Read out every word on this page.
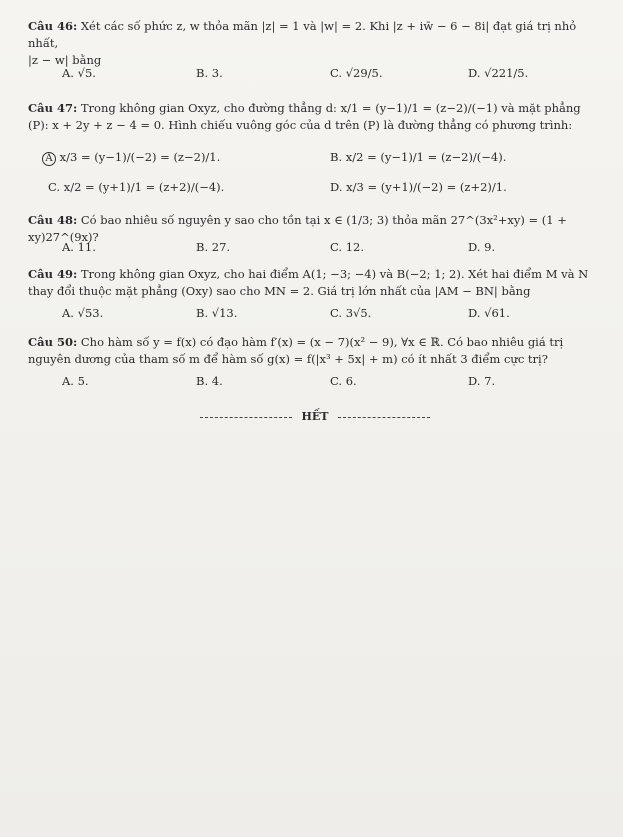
Câu 46: Xét các số phức z, w thỏa mãn |z| = 1 và |w| = 2. Khi |z + iw̄ − 6 − 8i| đạt giá trị nhỏ nhất,
|z − w| bằng
A. √5.	B. 3.	C. √29/5.	D. √221/5.
Câu 47: Trong không gian Oxyz, cho đường thẳng d: x/1 = (y−1)/1 = (z−2)/(−1) và mặt phẳng
(P): x + 2y + z − 4 = 0. Hình chiếu vuông góc của d trên (P) là đường thẳng có phương trình:
A x/3 = (y−1)/(−2) = (z−2)/1.	B. x/2 = (y−1)/1 = (z−2)/(−4).
C. x/2 = (y+1)/1 = (z+2)/(−4).	D. x/3 = (y+1)/(−2) = (z+2)/1.
Câu 48: Có bao nhiêu số nguyên y sao cho tồn tại x ∈ (1/3; 3) thỏa mãn 27^(3x²+xy) = (1 + xy)27^(9x)?
A. 11.	B. 27.	C. 12.	D. 9.
Câu 49: Trong không gian Oxyz, cho hai điểm A(1; −3; −4) và B(−2; 1; 2). Xét hai điểm M và N
thay đổi thuộc mặt phẳng (Oxy) sao cho MN = 2. Giá trị lớn nhất của |AM − BN| bằng
A. √53.	B. √13.	C. 3√5.	D. √61.
Câu 50: Cho hàm số y = f(x) có đạo hàm f′(x) = (x − 7)(x² − 9), ∀x ∈ ℝ. Có bao nhiêu giá trị
nguyên dương của tham số m để hàm số g(x) = f(|x³ + 5x| + m) có ít nhất 3 điểm cực trị?
A. 5.	B. 4.	C. 6.	D. 7.
HẾT
